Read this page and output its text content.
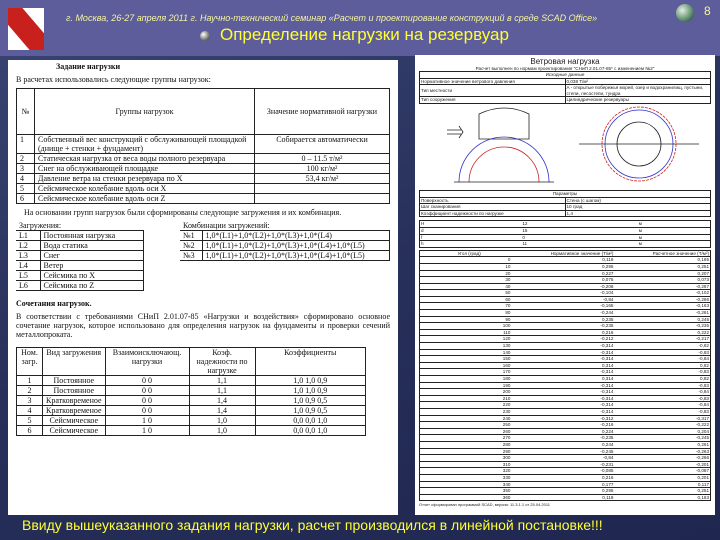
г. Москва, 26-27 апреля 2011 г. Научно-технический семинар «Расчет и проектирование конструкций в среде SCAD Office»	8
Определение нагрузки на резервуар
Задание нагрузки
В расчетах использовались следующие группы нагрузок:
№	Группы нагрузок	Значение нормативной нагрузки
1	Собственный вес конструкций с обслуживающей площадкой (днище + стенки + фундамент)	Собирается автоматически
2	Статическая нагрузка от веса воды полного резервуара	0 – 11.5 т/м²
3	Снег на обслуживающей площадке	100 кг/м²
4	Давление ветра на стенки резервуара по X	53,4 кг/м²
5	Сейсмическое колебание вдоль оси X	
6	Сейсмическое колебание вдоль оси Z	
На основании групп нагрузок были сформированы следующие загружения и их комбинация.
Загружения:	
L1	Постоянная нагрузка
L2	Вода статика
L3	Снег
L4	Ветер
L5	Сейсмика по X
L6	Сейсмика по Z
Комбинации загружений:	
№1	1,0*(L1)+1,0*(L2)+1,0*(L3)+1,0*(L4)
№2	1,0*(L1)+1,0*(L2)+1,0*(L3)+1,0*(L4)+1,0*(L5)
№3	1,0*(L1)+1,0*(L2)+1,0*(L3)+1,0*(L4)+1,0*(L5)
Сочетания нагрузок.
В соответствии с требованиями СНиП 2.01.07-85 «Нагрузки и воздействия» сформировано основное сочетание нагрузок, которое использовано для определения нагрузок на фундаменты и проверки сечений металлопроката.
Ном. загр.	Вид загружения	Взаимоисключающ. нагрузки	Коэф. надежности по нагрузке	Коэффициенты
1	Постоянное	0 0	1,1	1,0 1,0 0,9
2	Постоянное	0 0	1,1	1,0 1,0 0,9
3	Кратковременое	0 0	1,4	1,0 0,9 0,5
4	Кратковременое	0 0	1,4	1,0 0,9 0,5
5	Сейсмическое	1 0	1,0	0,0 0,0 1,0
6	Сейсмическое	1 0	1,0	0,0 0,0 1,0
Ветровая нагрузка
Расчет выполнен по нормам проектирования "СНиП 2.01.07-85* с изменением №2"
Исходные данные	
Нормативное значение ветрового давления	0,038 Т/м²
Тип местности	A - открытые побережья морей, озер и водохранилищ, пустыни, степи, лесостепи, тундра
Тип сооружения	Цилиндрические резервуары
Параметры	
Поверхность	Стена (с шагом)
Шаг сканирования	10 град
Коэффициент надежности по нагрузке	1,4
H	12	м
d	15	м
f	0	м
h	11	м
Угол (град)	Нормативное значение (Т/м²)	Расчетное значение (Т/м²)
0	0,118	0,165
10	0,295	0,251
20	0,227	0,207
30	0,075	0,073
40	-0,206	-0,287
50	-0,104	-0,102
60	-0,84	-0,266
70	-0,165	-0,163
80	-0,244	-0,261
90	0,235	0,245
100	-0,235	-0,235
110	0,216	0,222
120	-0,212	-0,217
130	-0,314	-0,82
140	-0,314	-0,83
150	-0,314	-0,84
160	0,314	0,82
170	-0,314	-0,83
180	0,314	0,82
190	-0,314	-0,83
200	-0,314	-0,84
210	-0,314	-0,83
220	-0,314	-0,84
230	-0,314	-0,83
240	-0,312	-0,317
250	-0,216	-0,222
260	0,224	0,204
270	-0,235	-0,245
280	0,244	0,261
290	-0,245	-0,263
300	-0,84	-0,266
310	-0,231	-0,201
320	-0,085	-0,087
330	0,216	0,201
340	0,177	0,117
350	0,295	0,251
360	0,118	0,163
Отчет сформирован программой SCAD, версия: 11.3.1.1 от 25.04.2011
Ввиду вышеуказанного задания нагрузки, расчет производился в линейной постановке!!!
